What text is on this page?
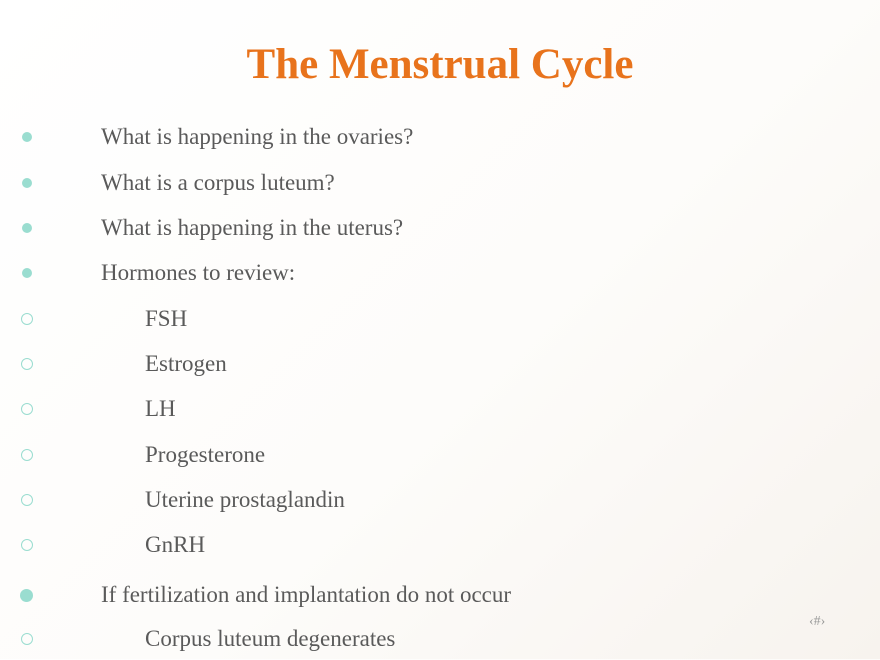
The Menstrual Cycle
What is happening in the ovaries?
What is a corpus luteum?
What is happening in the uterus?
Hormones to review:
FSH
Estrogen
LH
Progesterone
Uterine prostaglandin
GnRH
If fertilization and implantation do not occur
Corpus luteum degenerates
‹#›
